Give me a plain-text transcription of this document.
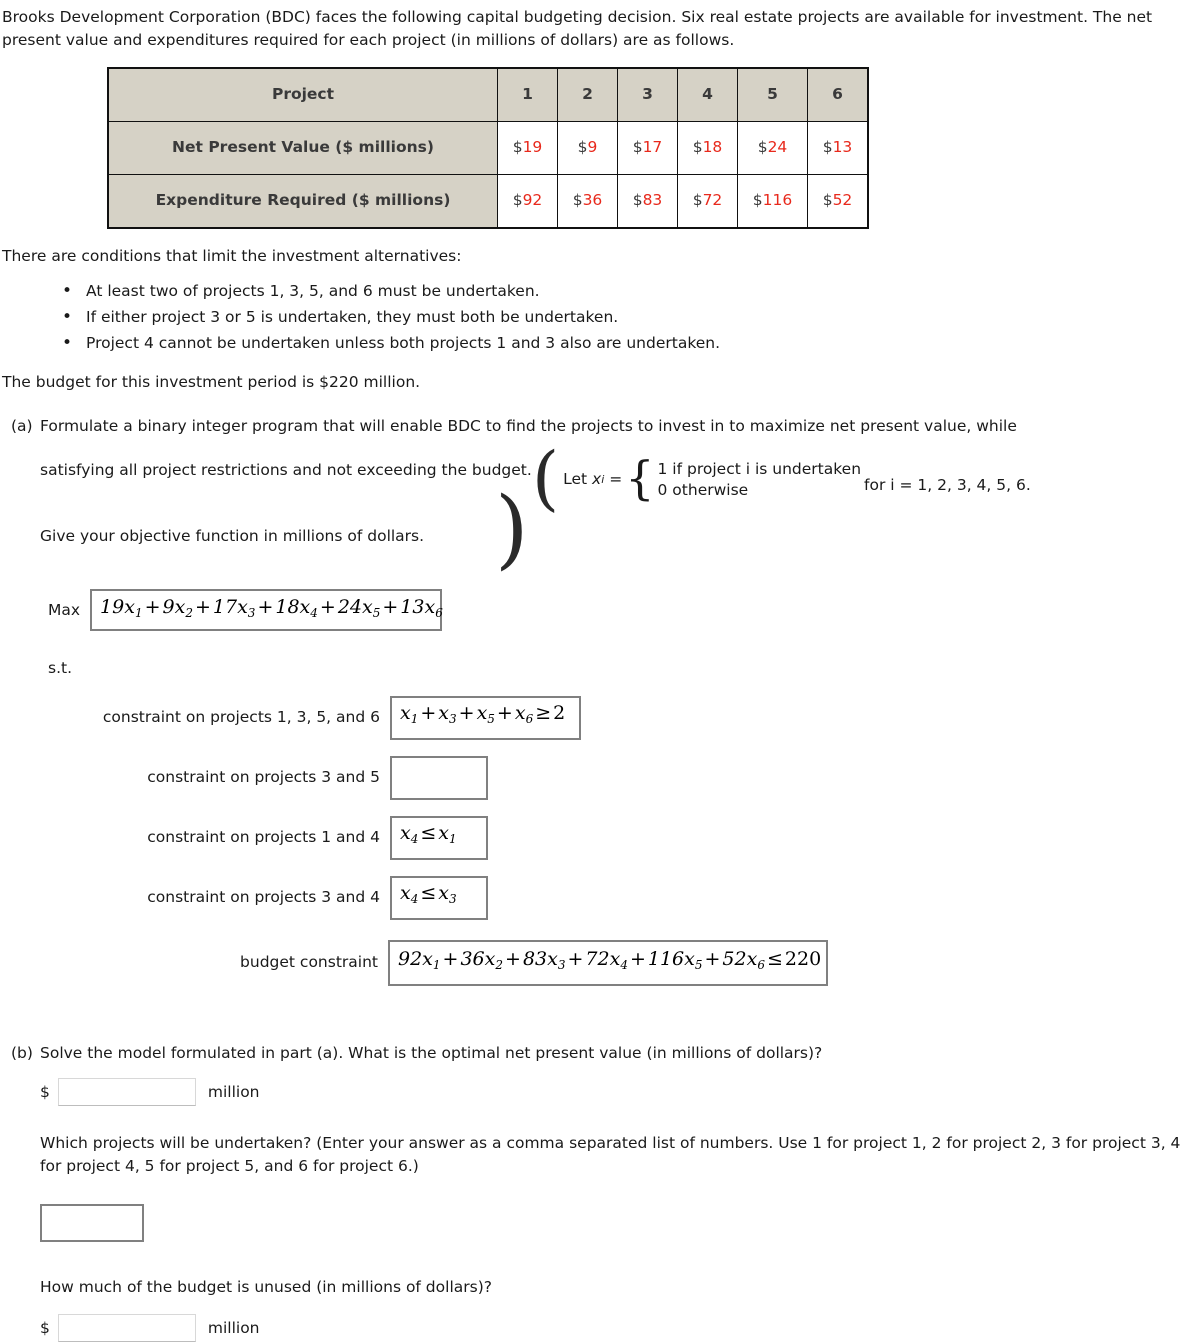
Brooks Development Corporation (BDC) faces the following capital budgeting decision. Six real estate projects are available for investment. The net present value and expenditures required for each project (in millions of dollars) are as follows.
Project	1	2	3	4	5	6
Net Present Value ($ millions)	$19	$9	$17	$18	$24	$13
Expenditure Required ($ millions)	$92	$36	$83	$72	$116	$52
There are conditions that limit the investment alternatives:
• At least two of projects 1, 3, 5, and 6 must be undertaken.
• If either project 3 or 5 is undertaken, they must both be undertaken.
• Project 4 cannot be undertaken unless both projects 1 and 3 also are undertaken.
The budget for this investment period is $220 million.
(a) Formulate a binary integer program that will enable BDC to find the projects to invest in to maximize net present value, while
satisfying all project restrictions and not exceeding the budget. ( Let
x i
= { 1 if project i is undertaken
0 otherwise	for i = 1, 2, 3, 4, 5, 6.
Give your objective function in millions of dollars. )
Max	$19x_1 + 9x_2 + 17x_3 + 18x_4 + 24x_5 + 13x_6$
s.t.
constraint on projects 1, 3, 5, and 6	$x_1 + x_3 + x_5 + x_6 \ge 2$
constraint on projects 3 and 5
constraint on projects 1 and 4	$x_4 \le x_1$
constraint on projects 3 and 4	$x_4 \le x_3$
budget constraint	$92x_1 + 36x_2 + 83x_3 + 72x_4 + 116x_5 + 52x_6 \le 220$
(b) Solve the model formulated in part (a). What is the optimal net present value (in millions of dollars)?
$	million
Which projects will be undertaken? (Enter your answer as a comma separated list of numbers. Use 1 for project 1, 2 for project 2, 3 for project 3, 4 for project 4, 5 for project 5, and 6 for project 6.)
How much of the budget is unused (in millions of dollars)?
$	million
